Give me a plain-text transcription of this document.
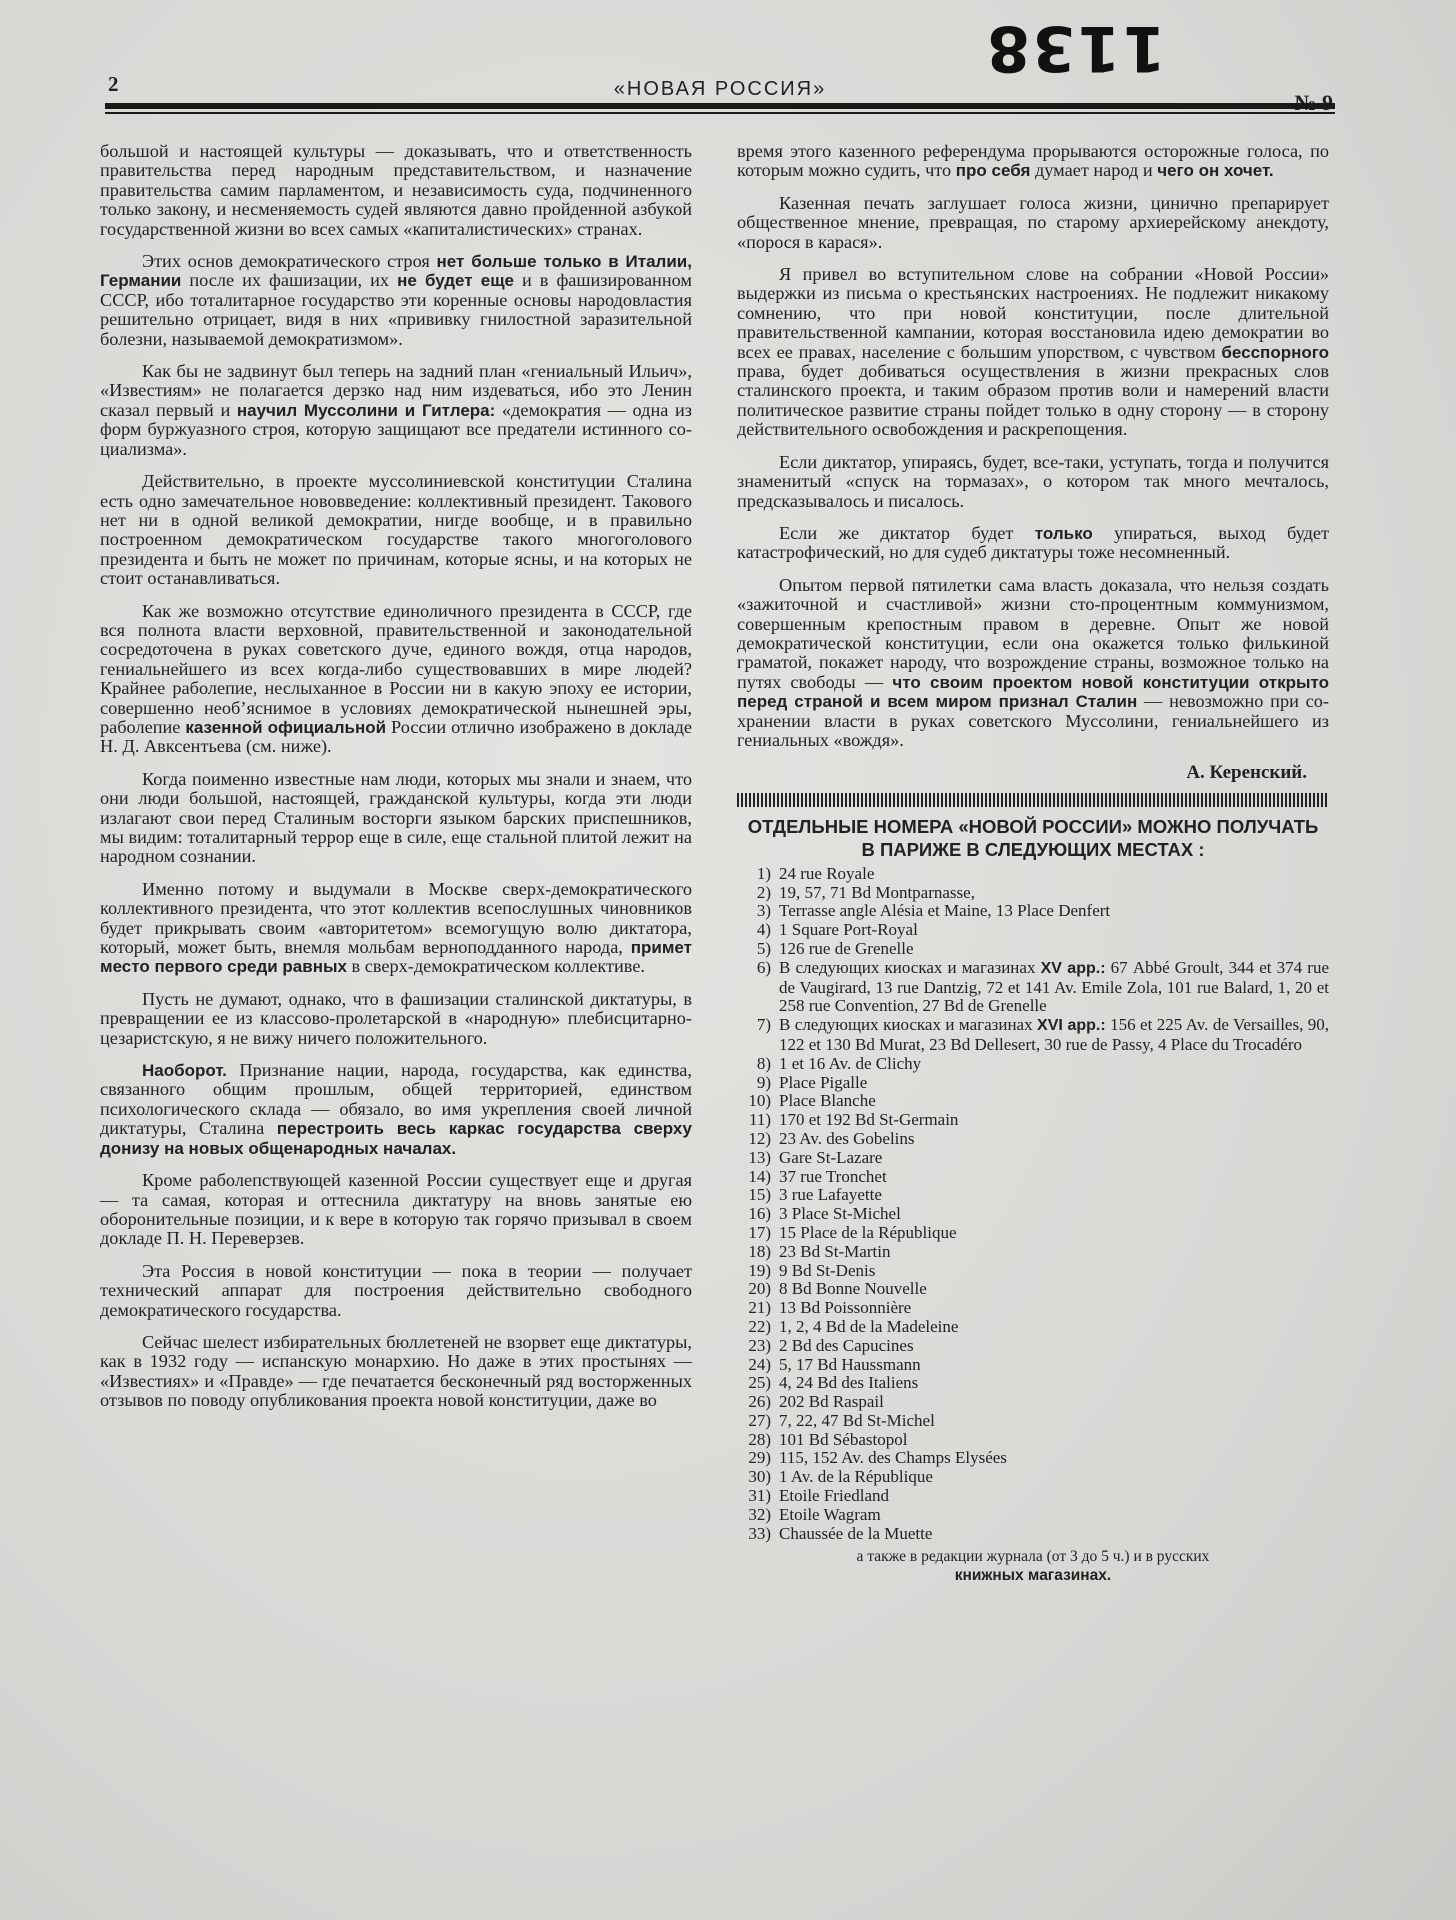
1138
2	«НОВАЯ РОССИЯ»

большой и настоящей культуры — доказывать, что и ответственность правительства перед народным представительством, и назначение правительства самим парламентом, и независимость суда, подчиненного только закону, и несменяемость судей являются давно пройденной азбукой государственной жизни во всех самых «капиталистических» странах.

Этих основ демократического строя нет больше только в Италии, Германии после их фашизации, их не будет еще и в фашизированном СССР, ибо тоталитарное государство эти коренные основы народовластия решительно отрицает, видя в них «прививку гнилостной заразительной болезни, называемой демократизмом».

Как бы не задвинут был теперь на задний план «гениальный Ильич», «Известиям» не полагается дерзко над ним издеваться, ибо это Ленин сказал первый и научил Муссолини и Гитлера: «демократия — одна из форм буржуазного строя, которую защищают все предатели истинного социализма».

Действительно, в проекте муссолиниевской конституции Сталина есть одно замечательное нововведение: коллективный президент. Такового нет ни в одной великой демократии, нигде вообще, и в правильно построенном демократическом государстве такого многоголового президента и быть не может по причинам, которые ясны, и на которых не стоит останавливаться.

Как же возможно отсутствие единоличного президента в СССР, где вся полнота власти верховной, правительственной и законодательной сосредоточена в руках советского дуче, единого вождя, отца народов, гениальнейшего из всех когда-либо существовавших в мире людей? Крайнее раболепие, неслыханное в России ни в какую эпоху ее истории, совершенно необ’яснимое в условиях демократической нынешней эры, раболепие казенной официальной России отлично изображено в докладе Н. Д. Авксентьева (см. ниже).

Когда поименно известные нам люди, которых мы знали и знаем, что они люди большой, настоящей, гражданской культуры, когда эти люди излагают свои перед Сталиным восторги языком барских приспешников, мы видим: тоталитарный террор еще в силе, еще стальной плитой лежит на народном сознании.

Именно потому и выдумали в Москве сверх-демократического коллективного президента, что этот коллектив всепослушных чиновников будет прикрывать своим «авторитетом» всемогущую волю диктатора, который, может быть, внемля мольбам верноподданного народа, примет место первого среди равных в сверх-демократическом коллективе.

Пусть не думают, однако, что в фашизации сталинской диктатуры, в превращении ее из классово-пролетарской в «народную» плебисцитарно-цезаристскую, я не вижу ничего положительного.

Наоборот. Признание нации, народа, государства, как единства, связанного общим прошлым, общей территорией, единством психологического склада — обязало, во имя укрепления своей личной диктатуры, Сталина перестроить весь каркас государства сверху донизу на новых общенародных началах.

Кроме раболепствующей казенной России существует еще и другая — та самая, которая и оттеснила диктатуру на вновь занятые ею оборонительные позиции, и к вере в которую так горячо призывал в своем докладе П. Н. Переверзев.

Эта Россия в новой конституции — пока в теории — получает технический аппарат для построения действительно свободного демократического государства.

Сейчас шелест избирательных бюллетеней не взорвет еще диктатуры, как в 1932 году — испанскую монархию. Но даже в этих простынях — «Известиях» и «Правде» — где печатается бесконечный ряд восторженных отзывов по поводу опубликования проекта новой конституции, даже во

время этого казенного референдума прорываются осторожные голоса, по которым можно судить, что про себя думает народ и чего он хочет.

Казенная печать заглушает голоса жизни, цинично препарирует общественное мнение, превращая, по старому архиерейскому анекдоту, «порося в карася».

Я привел во вступительном слове на собрании «Новой России» выдержки из письма о крестьянских настроениях. Не подлежит никакому сомнению, что при новой конституции, после длительной правительственной кампании, которая восстановила идею демократии во всех ее правах, население с большим упорством, с чувством бесспорного права, будет добиваться осуществления в жизни прекрасных слов сталинского проекта, и таким образом против воли и намерений власти политическое развитие страны пойдет только в одну сторону — в сторону действительного освобождения и раскрепощения.

Если диктатор, упираясь, будет, все-таки, уступать, тогда и получится знаменитый «спуск на тормазах», о котором так много мечталось, предсказывалось и писалось.

Если же диктатор будет только упираться, выход будет катастрофический, но для судеб диктатуры тоже несомненный.

Опытом первой пятилетки сама власть доказала, что нельзя создать «зажиточной и счастливой» жизни сто-процентным коммунизмом, совершенным крепостным правом в деревне. Опыт же новой демократической конституции, если она окажется только филькиной граматой, покажет народу, что возрождение страны, возможное только на путях свободы — что своим проектом новой конституции открыто перед страной и всем миром признал Сталин — невозможно при сохранении власти в руках советского Муссолини, гениальнейшего из гениальных «вождя».

А. Керенский.
ОТДЕЛЬНЫЕ НОМЕРА «НОВОЙ РОССИИ» МОЖНО ПОЛУЧАТЬ
В ПАРИЖЕ В СЛЕДУЮЩИХ МЕСТАХ :
1) 24 rue Royale
2) 19, 57, 71 Bd Montparnasse,
3) Terrasse angle Alésia et Maine, 13 Place Denfert
4) 1 Square Port-Royal
5) 126 rue de Grenelle
6) В следующих киосках и магазинах XV арр.: 67 Abbé Groult, 344 et 374 rue de Vaugirard, 13 rue Dantzig, 72 et 141 Av. Emile Zola, 101 rue Balard, 1, 20 et 258 rue Convention, 27 Bd de Grenelle
7) В следующих киосках и магазинах XVI арр.: 156 et 225 Av. de Versailles, 90, 122 et 130 Bd Murat, 23 Bd Dellesert, 30 rue de Passy, 4 Place du Trocadéro
8) 1 et 16 Av. de Clichy
9) Place Pigalle
10) Place Blanche
11) 170 et 192 Bd St-Germain
12) 23 Av. des Gobelins
13) Gare St-Lazare
14) 37 rue Tronchet
15) 3 rue Lafayette
16) 3 Place St-Michel
17) 15 Place de la République
18) 23 Bd St-Martin
19) 9 Bd St-Denis
20) 8 Bd Bonne Nouvelle
21) 13 Bd Poissonnière
22) 1, 2, 4 Bd de la Madeleine
23) 2 Bd des Capucines
24) 5, 17 Bd Haussmann
25) 4, 24 Bd des Italiens
26) 202 Bd Raspail
27) 7, 22, 47 Bd St-Michel
28) 101 Bd Sébastopol
29) 115, 152 Av. des Champs Elysées
30) 1 Av. de la République
31) Etoile Friedland
32) Etoile Wagram
33) Chaussée de la Muette
а также в редакции журнала (от 3 до 5 ч.) и в русских
книжных магазинах.
